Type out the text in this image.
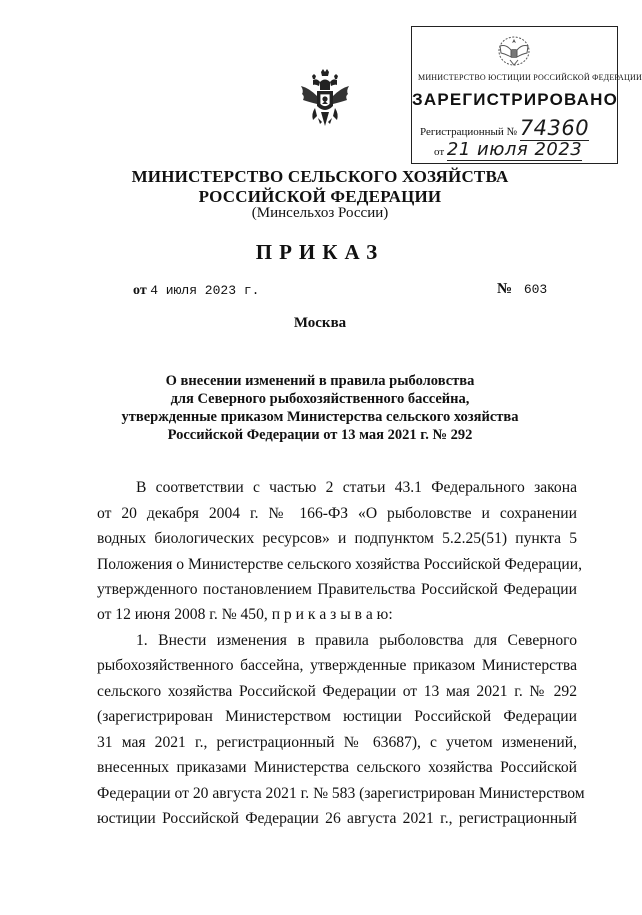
МИНИСТЕРСТВО ЮСТИЦИИ РОССИЙСКОЙ ФЕДЕРАЦИИ
ЗАРЕГИСТРИРОВАНО
Регистрационный № 74360
от 21 июля 2023
МИНИСТЕРСТВО СЕЛЬСКОГО ХОЗЯЙСТВА
РОССИЙСКОЙ ФЕДЕРАЦИИ
(Минсельхоз России)
ПРИКАЗ
от 4 июля 2023 г.	№ 603
Москва
О внесении изменений в правила рыболовства
для Северного рыбохозяйственного бассейна,
утвержденные приказом Министерства сельского хозяйства
Российской Федерации от 13 мая 2021 г. № 292
В соответствии с частью 2 статьи 43.1 Федерального закона
от 20 декабря 2004 г. № 166-ФЗ «О рыболовстве и сохранении
водных биологических ресурсов» и подпунктом 5.2.25(51) пункта 5
Положения о Министерстве сельского хозяйства Российской Федерации,
утвержденного постановлением Правительства Российской Федерации
от 12 июня 2008 г. № 450, п р и к а з ы в а ю:
1. Внести изменения в правила рыболовства для Северного
рыбохозяйственного бассейна, утвержденные приказом Министерства
сельского хозяйства Российской Федерации от 13 мая 2021 г. № 292
(зарегистрирован Министерством юстиции Российской Федерации
31 мая 2021 г., регистрационный № 63687), с учетом изменений,
внесенных приказами Министерства сельского хозяйства Российской
Федерации от 20 августа 2021 г. № 583 (зарегистрирован Министерством
юстиции Российской Федерации 26 августа 2021 г., регистрационный
